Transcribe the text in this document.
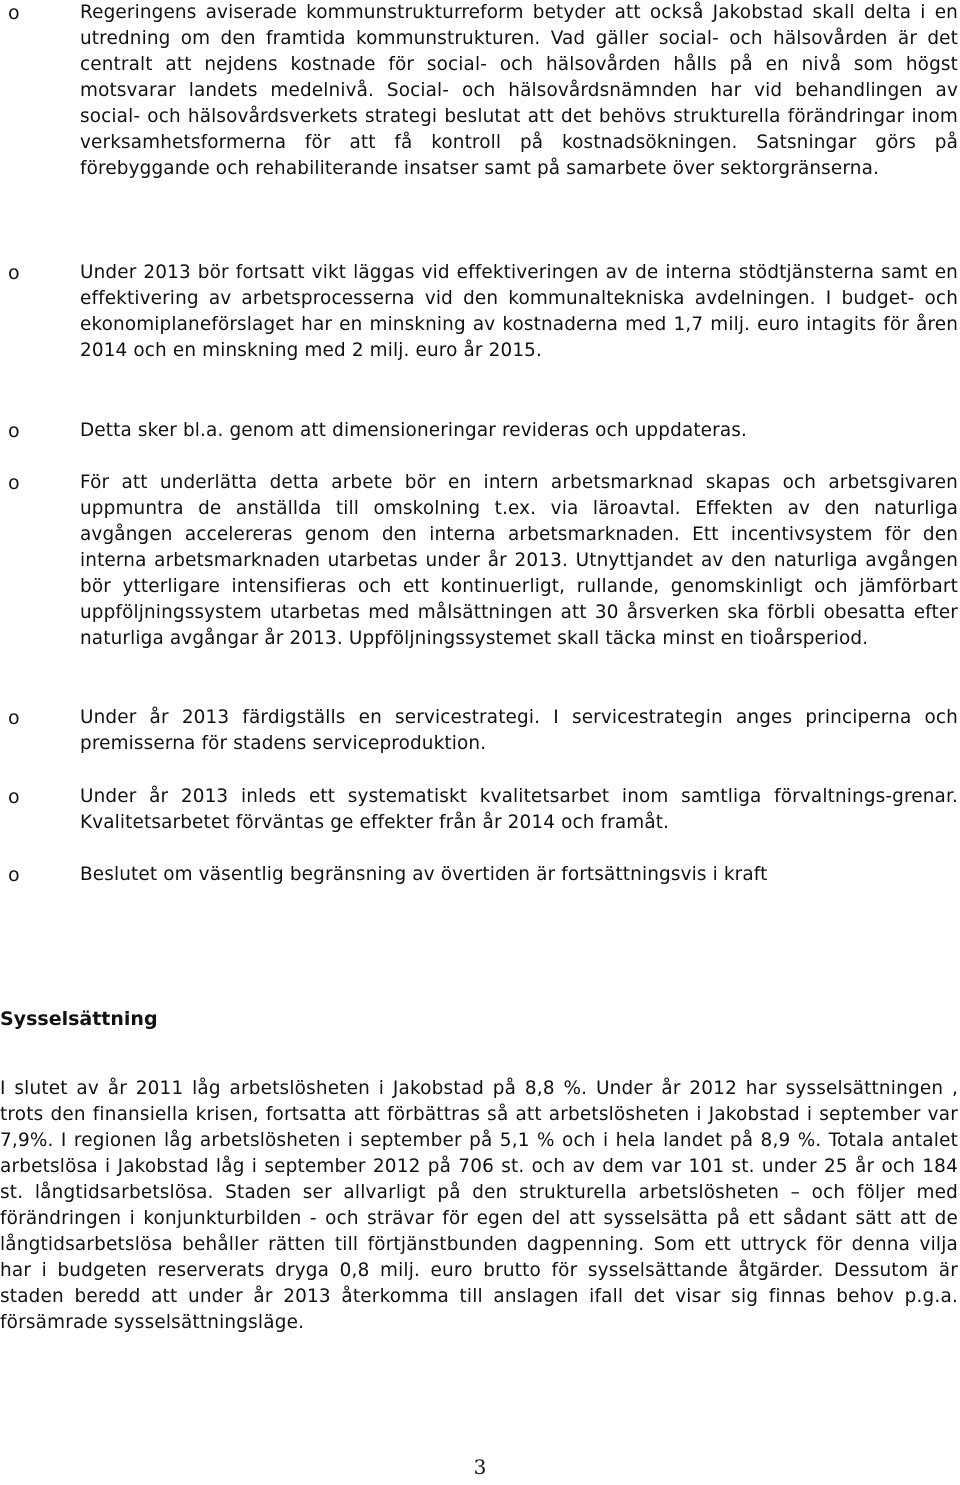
o	Regeringens aviserade kommunstrukturreform betyder att också Jakobstad skall delta i en utredning om den framtida kommunstrukturen. Vad gäller social- och hälsovården är det centralt att nejdens kostnade för social- och hälsovården hålls på en nivå som högst motsvarar landets medelnivå. Social- och hälsovårdsnämnden har vid behandlingen av social- och hälsovårdsverkets strategi beslutat att det behövs strukturella förändringar inom verksamhetsformerna för att få kontroll på kostnadsökningen. Satsningar görs på förebyggande och rehabiliterande insatser samt på samarbete över sektorgränserna.

o	Under 2013 bör fortsatt vikt läggas vid effektiveringen av de interna stödtjänsterna samt en effektivering av arbetsprocesserna vid den kommunaltekniska avdelningen. I budget- och ekonomiplaneförslaget har en minskning av kostnaderna med 1,7 milj. euro intagits för åren 2014 och en minskning med 2 milj. euro år 2015.

o	Detta sker bl.a. genom att dimensioneringar revideras och uppdateras.

o	För att underlätta detta arbete bör en intern arbetsmarknad skapas och arbetsgivaren uppmuntra de anställda till omskolning t.ex. via läroavtal. Effekten av den naturliga avgången accelereras genom den interna arbetsmarknaden. Ett incentivsystem för den interna arbetsmarknaden utarbetas under år 2013. Utnyttjandet av den naturliga avgången bör ytterligare intensifieras och ett kontinuerligt, rullande, genomskinligt och jämförbart uppföljningssystem utarbetas med målsättningen att 30 årsverken ska förbli obesatta efter naturliga avgångar år 2013. Uppföljningssystemet skall täcka minst en tioårsperiod.

o	Under år 2013 färdigställs en servicestrategi. I servicestrategin anges principerna och premisserna för stadens serviceproduktion.

o	Under år 2013 inleds ett systematiskt kvalitetsarbet inom samtliga förvaltnings-grenar. Kvalitetsarbetet förväntas ge effekter från år 2014 och framåt.

o	Beslutet om väsentlig begränsning av övertiden är fortsättningsvis i kraft

Sysselsättning

I slutet av år 2011 låg arbetslösheten i Jakobstad på 8,8 %. Under år 2012 har sysselsättningen , trots den finansiella krisen, fortsatta att förbättras så att arbetslösheten i Jakobstad i september var 7,9%. I regionen låg arbetslösheten i september på 5,1 % och i hela landet på 8,9 %. Totala antalet arbetslösa i Jakobstad låg i september 2012 på 706 st. och av dem var 101 st. under 25 år och 184 st. långtidsarbetslösa. Staden ser allvarligt på den strukturella arbetslösheten – och följer med förändringen i konjunkturbilden - och strävar för egen del att sysselsätta på ett sådant sätt att de långtidsarbetslösa behåller rätten till förtjänstbunden dagpenning. Som ett uttryck för denna vilja har i budgeten reserverats dryga 0,8 milj. euro brutto för sysselsättande åtgärder. Dessutom är staden beredd att under år 2013 återkomma till anslagen ifall det visar sig finnas behov p.g.a. försämrade sysselsättningsläge.

3
